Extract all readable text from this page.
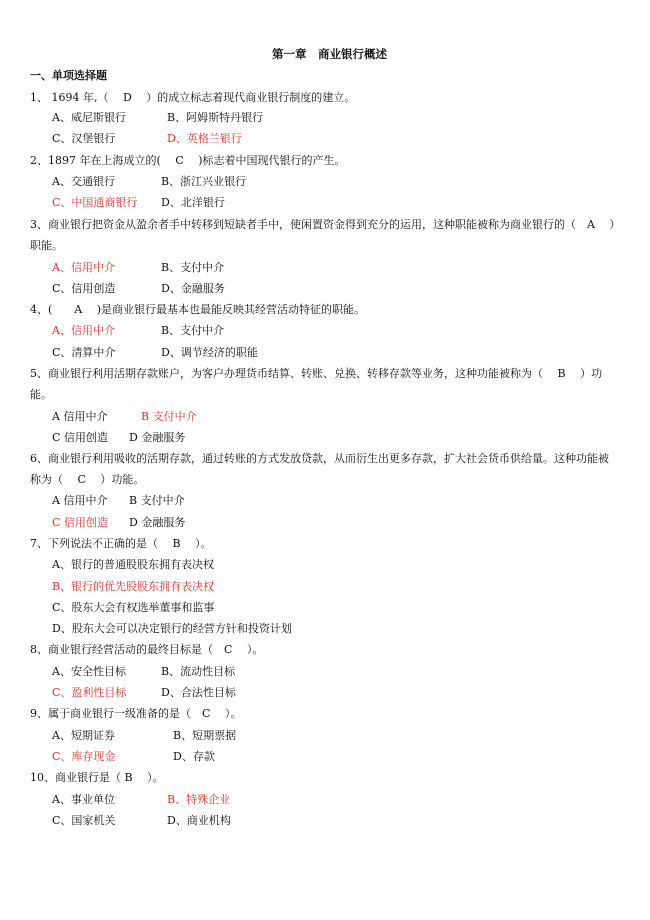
第一章　商业银行概述
一、单项选择题
1、 1694 年,（　 D　 ）的成立标志着现代商业银行制度的建立。
A、威尼斯银行	B、阿姆斯特丹银行
C、汉堡银行	D、英格兰银行
2、1897 年在上海成立的(　 C　 )标志着中国现代银行的产生。
A、交通银行	B、浙江兴业银行
C、中国通商银行 D、北洋银行
3、商业银行把资金从盈余者手中转移到短缺者手中，使闲置资金得到充分的运用，这种职能被称为商业银行的（　A　 ）
职能。
A、信用中介	B、支付中介
C、信用创造	D、金融服务
4、(　　A　 )是商业银行最基本也最能反映其经营活动特征的职能。
A、信用中介	B、支付中介
C、清算中介	D、调节经济的职能
5、商业银行利用活期存款账户，为客户办理货币结算、转账、兑换、转移存款等业务，这种功能被称为（　 B　 ）功
能。
A 信用中介	B 支付中介
C 信用创造 D 金融服务
6、商业银行利用吸收的活期存款，通过转账的方式发放贷款，从而衍生出更多存款，扩大社会货币供给量。这种功能被
称为（　 C　 ）功能。
A 信用中介 B 支付中介
C 信用创造 D 金融服务
7、下列说法不正确的是（　 B　 ）。
A、银行的普通股股东拥有表决权
B、银行的优先股股东拥有表决权
C、股东大会有权选举董事和监事
D、股东大会可以决定银行的经营方针和投资计划
8、商业银行经营活动的最终目标是（　C　 ）。
A、安全性目标	B、流动性目标
C、盈利性目标	D、合法性目标
9、属于商业银行一级准备的是（　C　 ）。
A、短期证券	B、短期票据
C、库存现金	D、存款
10、商业银行是（ B　 ）。
A、事业单位	B、特殊企业
C、国家机关	D、商业机构
